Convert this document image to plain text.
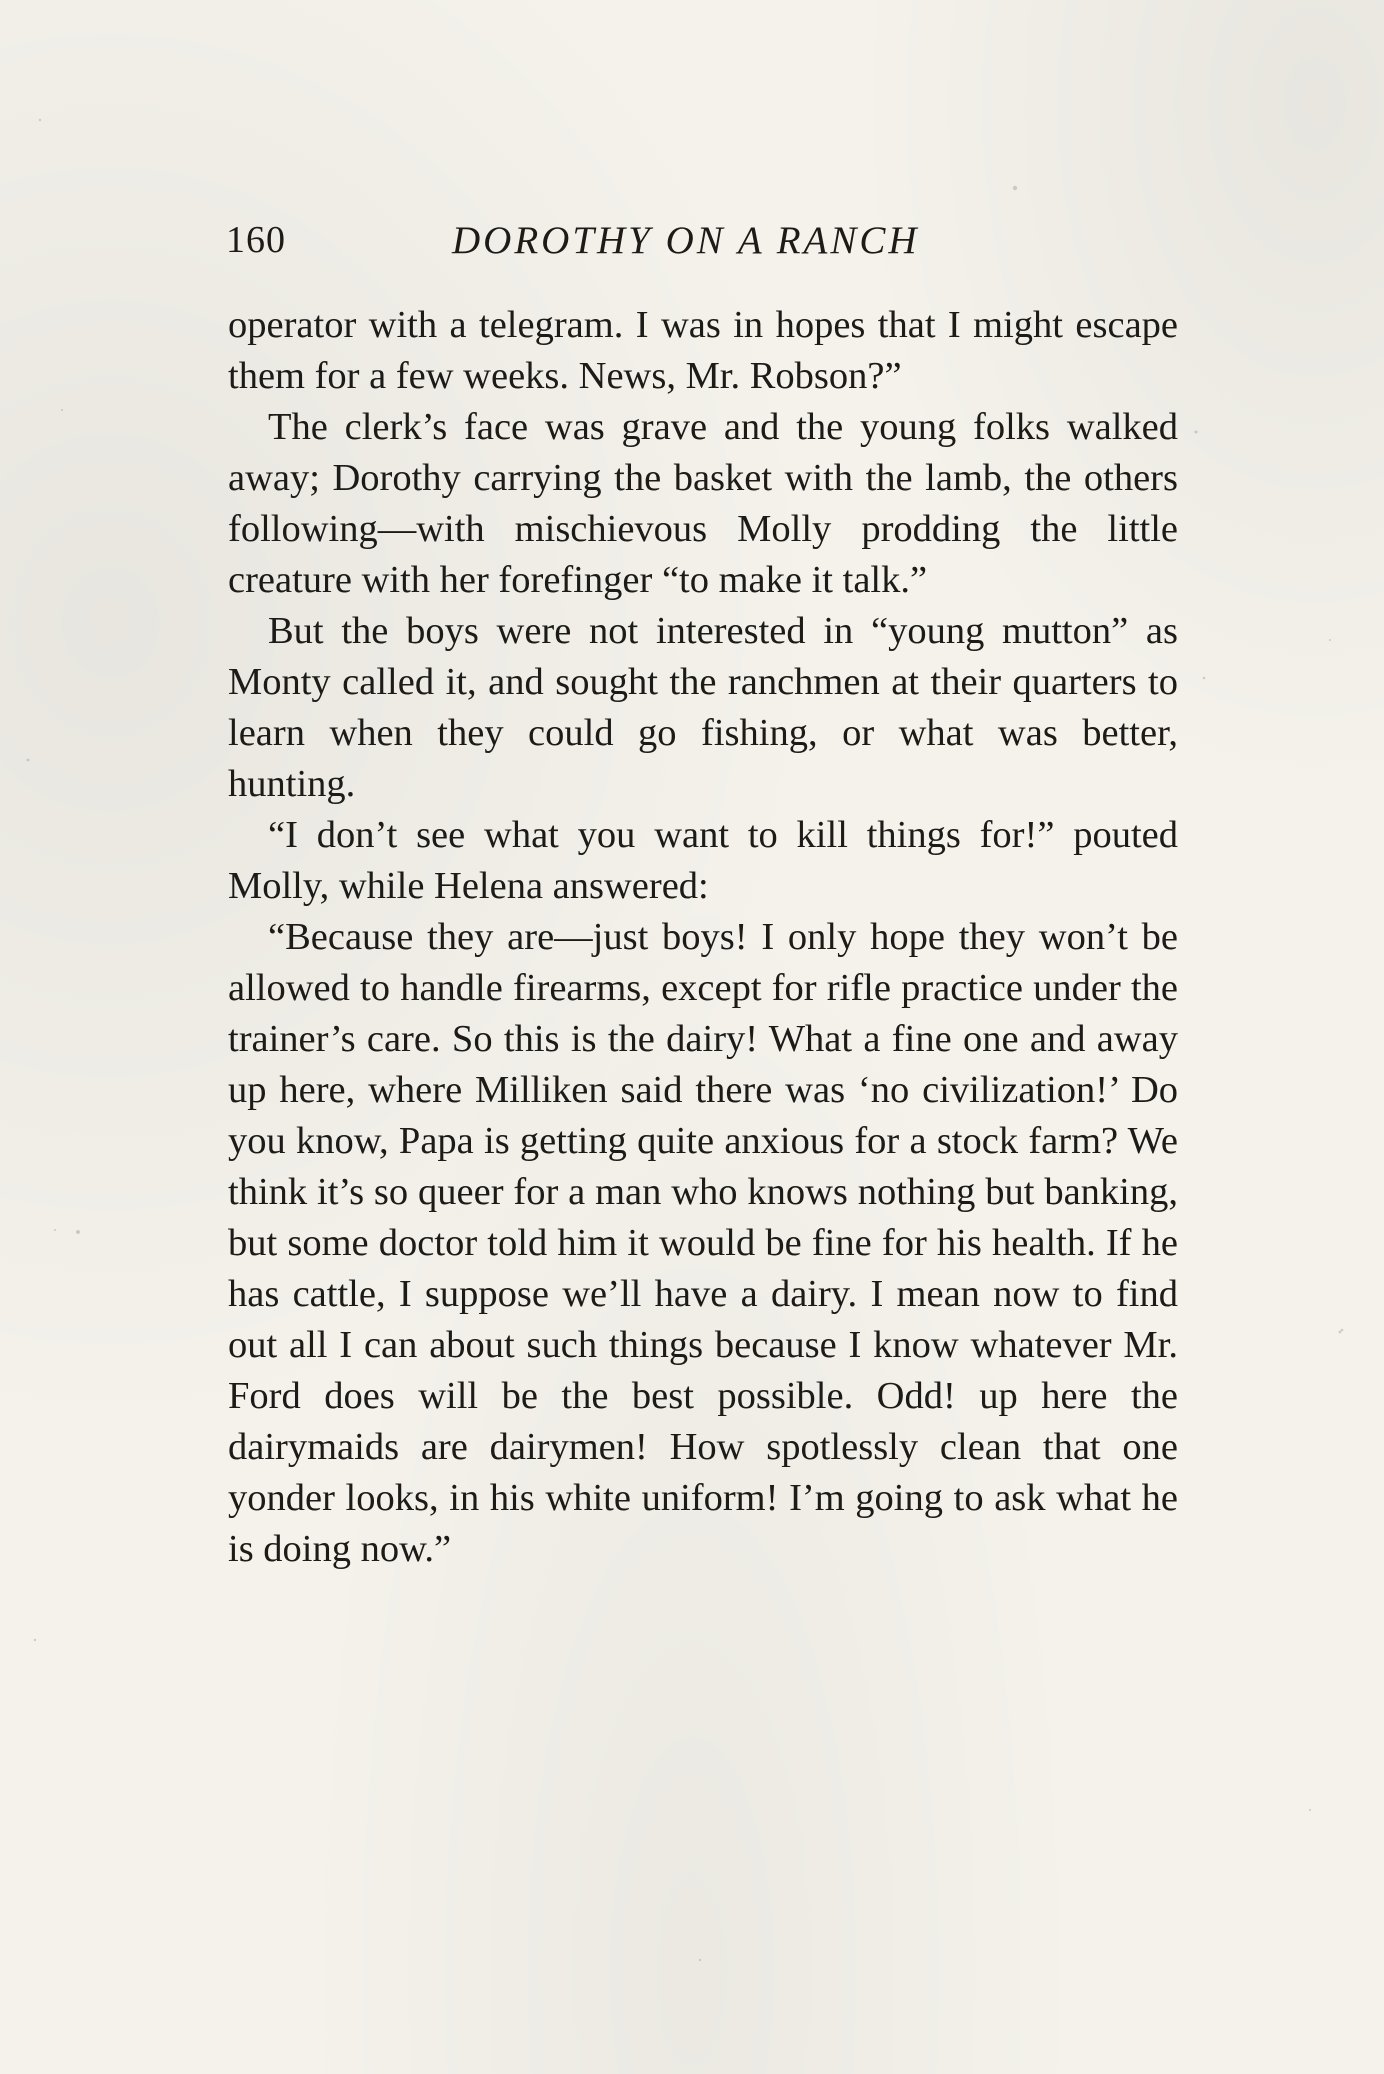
160	DOROTHY ON A RANCH

operator with a telegram. I was in hopes that I might escape them for a few weeks. News, Mr. Robson?”

The clerk’s face was grave and the young folks walked away; Dorothy carrying the basket with the lamb, the others following—with mischievous Molly prodding the little creature with her forefinger “to make it talk.”

But the boys were not interested in “young mutton” as Monty called it, and sought the ranchmen at their quarters to learn when they could go fishing, or what was better, hunting.

“I don’t see what you want to kill things for!” pouted Molly, while Helena answered:

“Because they are—just boys! I only hope they won’t be allowed to handle firearms, except for rifle practice under the trainer’s care. So this is the dairy! What a fine one and away up here, where Milliken said there was ‘no civilization!’ Do you know, Papa is getting quite anxious for a stock farm? We think it’s so queer for a man who knows nothing but banking, but some doctor told him it would be fine for his health. If he has cattle, I suppose we’ll have a dairy. I mean now to find out all I can about such things because I know whatever Mr. Ford does will be the best possible. Odd! up here the dairymaids are dairymen! How spotlessly clean that one yonder looks, in his white uniform! I’m going to ask what he is doing now.”
